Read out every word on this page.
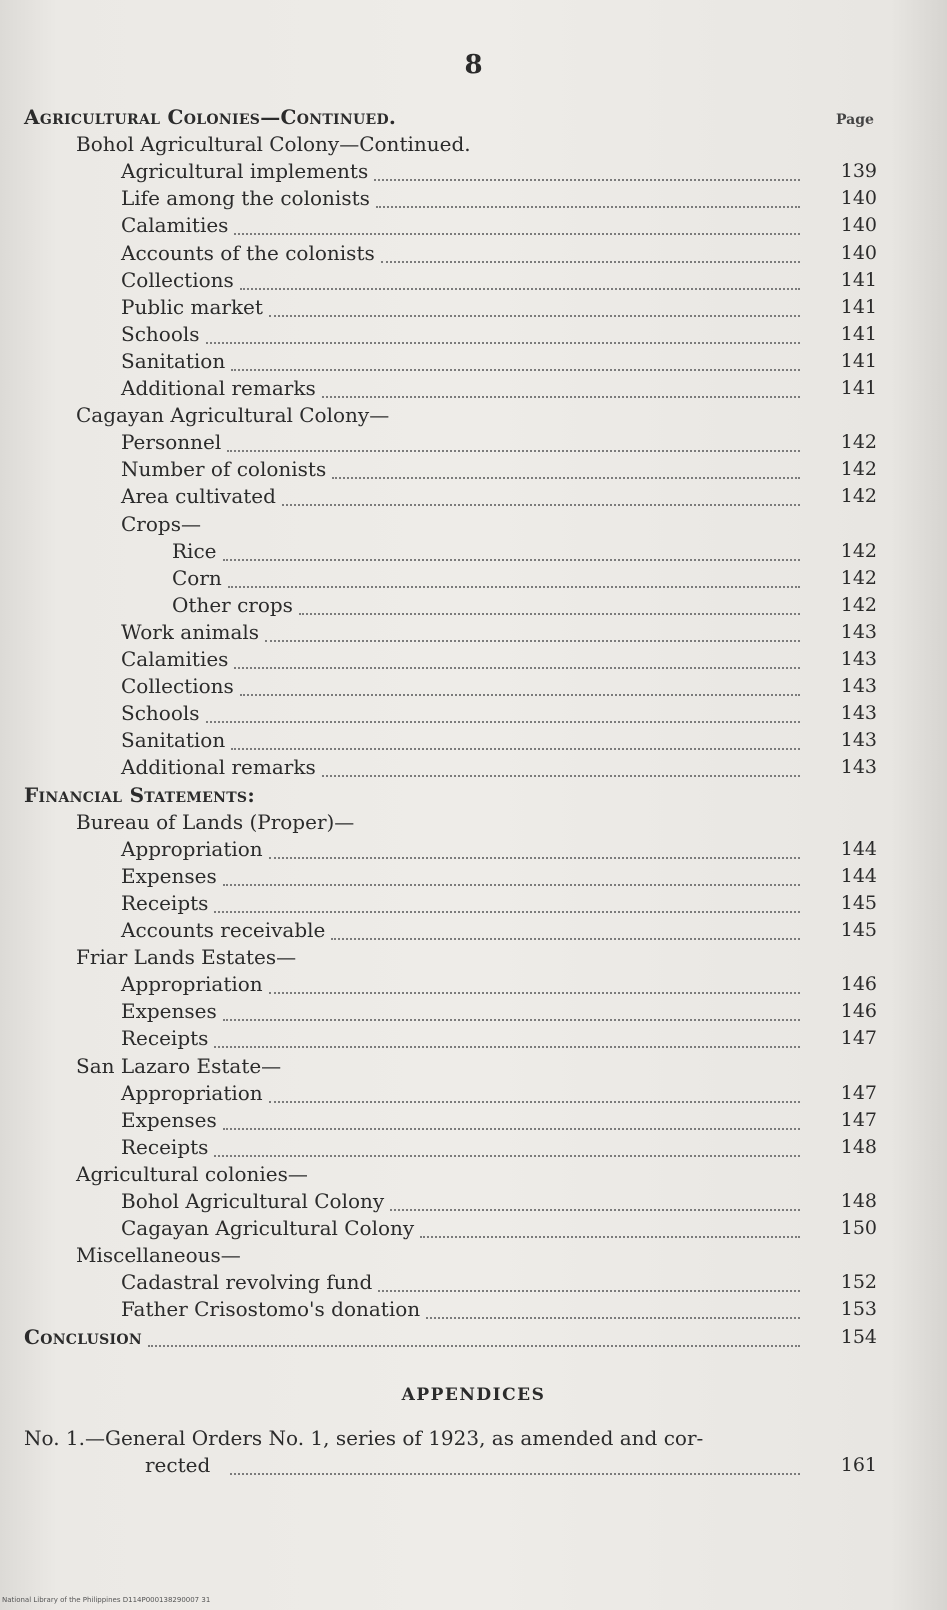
8
Page
Agricultural Colonies—Continued.
Bohol Agricultural Colony—Continued.
Agricultural implements	139
Life among the colonists	140
Calamities	140
Accounts of the colonists	140
Collections	141
Public market	141
Schools	141
Sanitation	141
Additional remarks	141
Cagayan Agricultural Colony—
Personnel	142
Number of colonists	142
Area cultivated	142
Crops—
Rice	142
Corn	142
Other crops	142
Work animals	143
Calamities	143
Collections	143
Schools	143
Sanitation	143
Additional remarks	143
Financial Statements:
Bureau of Lands (Proper)—
Appropriation	144
Expenses	144
Receipts	145
Accounts receivable	145
Friar Lands Estates—
Appropriation	146
Expenses	146
Receipts	147
San Lazaro Estate—
Appropriation	147
Expenses	147
Receipts	148
Agricultural colonies—
Bohol Agricultural Colony	148
Cagayan Agricultural Colony	150
Miscellaneous—
Cadastral revolving fund	152
Father Crisostomo's donation	153
Conclusion	154
APPENDICES
No. 1.—General Orders No. 1, series of 1923, as amended and cor-
rected	161
National Library of the Philippines D114P000138290007 31
